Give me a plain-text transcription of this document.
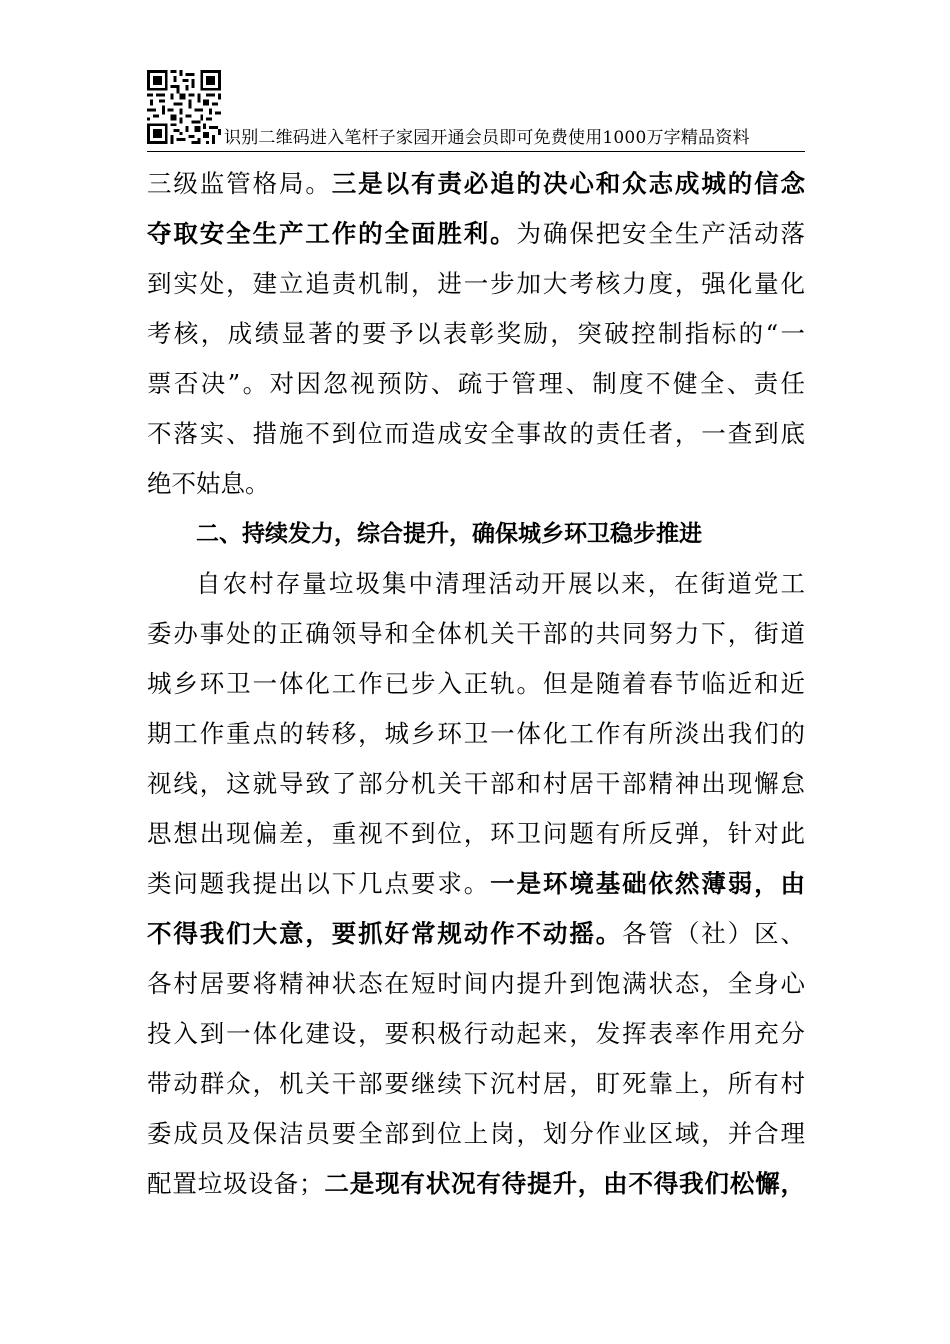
识别二维码进入笔杆子家园开通会员即可免费使用1000万字精品资料
三级监管格局。三是以有责必追的决心和众志成城的信念
夺取安全生产工作的全面胜利。为确保把安全生产活动落
到实处，建立追责机制，进一步加大考核力度，强化量化
考核，成绩显著的要予以表彰奖励，突破控制指标的“一
票否决”。对因忽视预防、疏于管理、制度不健全、责任
不落实、措施不到位而造成安全事故的责任者，一查到底
绝不姑息。
二、持续发力，综合提升，确保城乡环卫稳步推进
自农村存量垃圾集中清理活动开展以来，在街道党工
委办事处的正确领导和全体机关干部的共同努力下，街道
城乡环卫一体化工作已步入正轨。但是随着春节临近和近
期工作重点的转移，城乡环卫一体化工作有所淡出我们的
视线，这就导致了部分机关干部和村居干部精神出现懈怠
思想出现偏差，重视不到位，环卫问题有所反弹，针对此
类问题我提出以下几点要求。一是环境基础依然薄弱，由
不得我们大意，要抓好常规动作不动摇。各管（社）区、
各村居要将精神状态在短时间内提升到饱满状态，全身心
投入到一体化建设，要积极行动起来，发挥表率作用充分
带动群众，机关干部要继续下沉村居，盯死靠上，所有村
委成员及保洁员要全部到位上岗，划分作业区域，并合理
配置垃圾设备；二是现有状况有待提升，由不得我们松懈，
